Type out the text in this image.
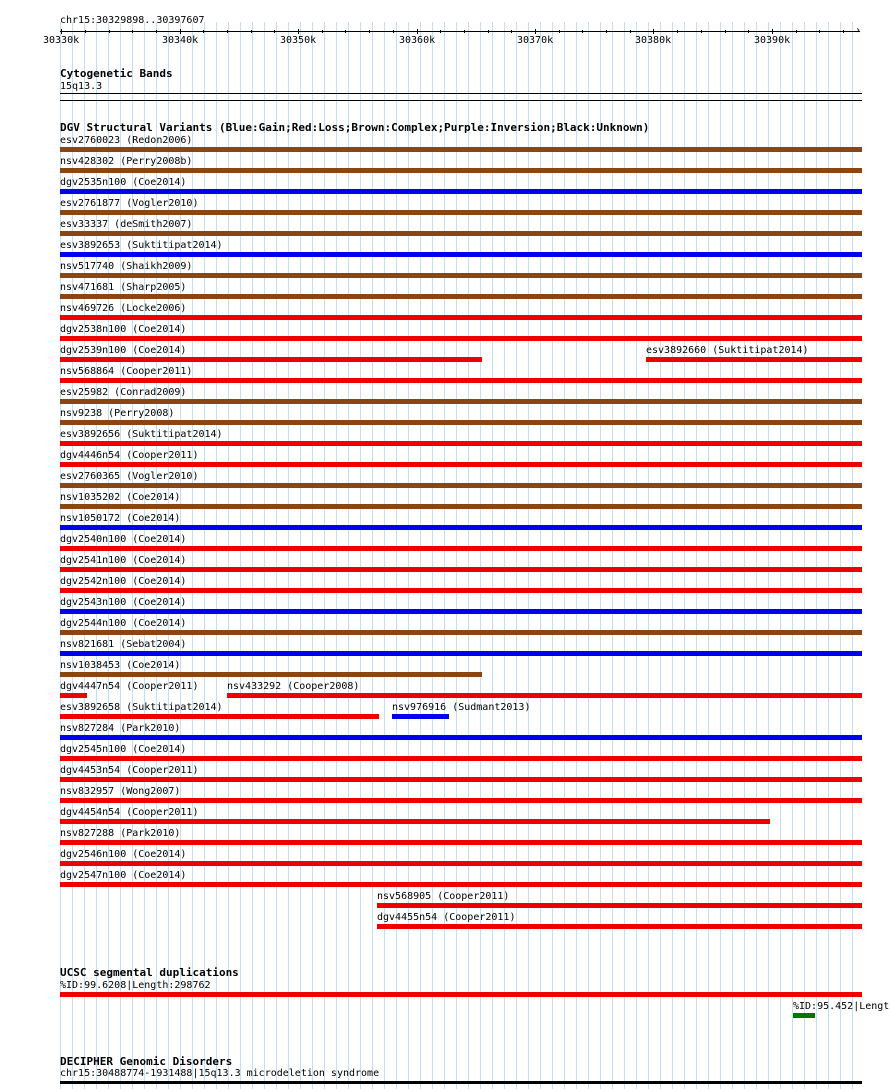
chr15:30329898..30397607
›
30330k	30340k	30350k	30360k	30370k	30380k	30390k
Cytogenetic Bands
15q13.3
DGV Structural Variants (Blue:Gain;Red:Loss;Brown:Complex;Purple:Inversion;Black:Unknown)
esv2760023 (Redon2006)
nsv428302 (Perry2008b)
dgv2535n100 (Coe2014)
esv2761877 (Vogler2010)
esv33337 (deSmith2007)
esv3892653 (Suktitipat2014)
nsv517740 (Shaikh2009)
nsv471681 (Sharp2005)
nsv469726 (Locke2006)
dgv2538n100 (Coe2014)
dgv2539n100 (Coe2014)	esv3892660 (Suktitipat2014)
nsv568864 (Cooper2011)
esv25982 (Conrad2009)
nsv9238 (Perry2008)
esv3892656 (Suktitipat2014)
dgv4446n54 (Cooper2011)
esv2760365 (Vogler2010)
nsv1035202 (Coe2014)
nsv1050172 (Coe2014)
dgv2540n100 (Coe2014)
dgv2541n100 (Coe2014)
dgv2542n100 (Coe2014)
dgv2543n100 (Coe2014)
dgv2544n100 (Coe2014)
nsv821681 (Sebat2004)
nsv1038453 (Coe2014)
dgv4447n54 (Cooper2011)	nsv433292 (Cooper2008)
esv3892658 (Suktitipat2014)	nsv976916 (Sudmant2013)
nsv827284 (Park2010)
dgv2545n100 (Coe2014)
dgv4453n54 (Cooper2011)
nsv832957 (Wong2007)
dgv4454n54 (Cooper2011)
nsv827288 (Park2010)
dgv2546n100 (Coe2014)
dgv2547n100 (Coe2014)
nsv568905 (Cooper2011)
dgv4455n54 (Cooper2011)
UCSC segmental duplications
%ID:99.6208|Length:298762
%ID:95.452|Lengt
DECIPHER Genomic Disorders
chr15:30488774-1931488|15q13.3 microdeletion syndrome
